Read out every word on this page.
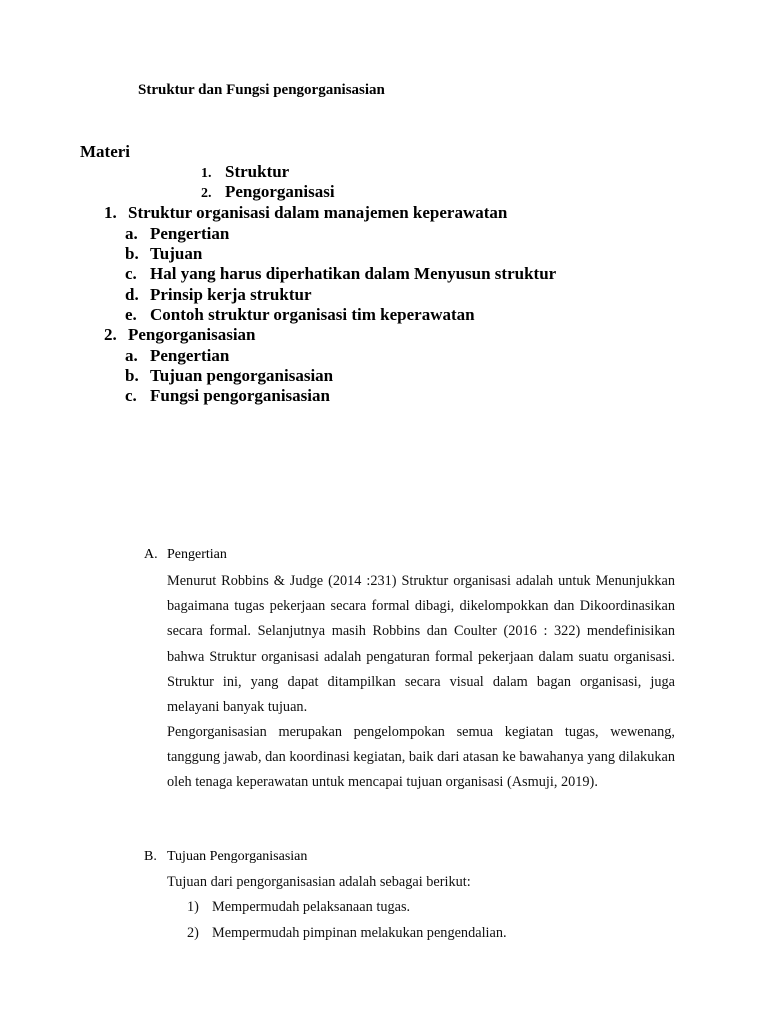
Struktur dan Fungsi pengorganisasian
Materi
1. Struktur
2. Pengorganisasi
1. Struktur organisasi dalam manajemen keperawatan
a. Pengertian
b. Tujuan
c. Hal yang harus diperhatikan dalam Menyusun struktur
d. Prinsip kerja struktur
e. Contoh struktur organisasi tim keperawatan
2. Pengorganisasian
a. Pengertian
b. Tujuan pengorganisasian
c. Fungsi pengorganisasian
A. Pengertian
Menurut Robbins & Judge (2014 :231) Struktur organisasi adalah untuk Menunjukkan bagaimana tugas pekerjaan secara formal dibagi, dikelompokkan dan Dikoordinasikan secara formal. Selanjutnya masih Robbins dan Coulter (2016 : 322) mendefinisikan bahwa Struktur organisasi adalah pengaturan formal pekerjaan dalam suatu organisasi. Struktur ini, yang dapat ditampilkan secara visual dalam bagan organisasi, juga melayani banyak tujuan.
Pengorganisasian merupakan pengelompokan semua kegiatan tugas, wewenang, tanggung jawab, dan koordinasi kegiatan, baik dari atasan ke bawahanya yang dilakukan oleh tenaga keperawatan untuk mencapai tujuan organisasi (Asmuji, 2019).
B. Tujuan Pengorganisasian
Tujuan dari pengorganisasian adalah sebagai berikut:
1) Mempermudah pelaksanaan tugas.
2) Mempermudah pimpinan melakukan pengendalian.
